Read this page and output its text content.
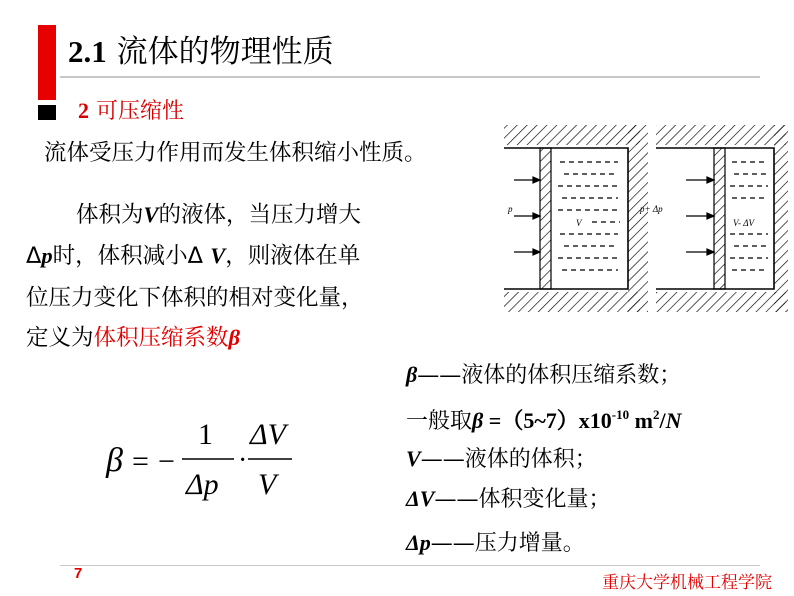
2.1 流体的物理性质
2 可压缩性
流体受压力作用而发生体积缩小性质。
体积为V的液体，当压力增大
Δp时，体积减小Δ V，则液体在单
位压力变化下体积的相对变化量，
定义为体积压缩系数β
β = −
1
Δp
·
ΔV
V
β——液体的体积压缩系数；
一般取$\beta =(5\sim 7)x10^{-10}$ $m^2/N$
V——液体的体积；
ΔV——体积变化量；
Δp——压力增量。
p
V
p+ Δp
V- ΔV
7	重庆大学机械工程学院
